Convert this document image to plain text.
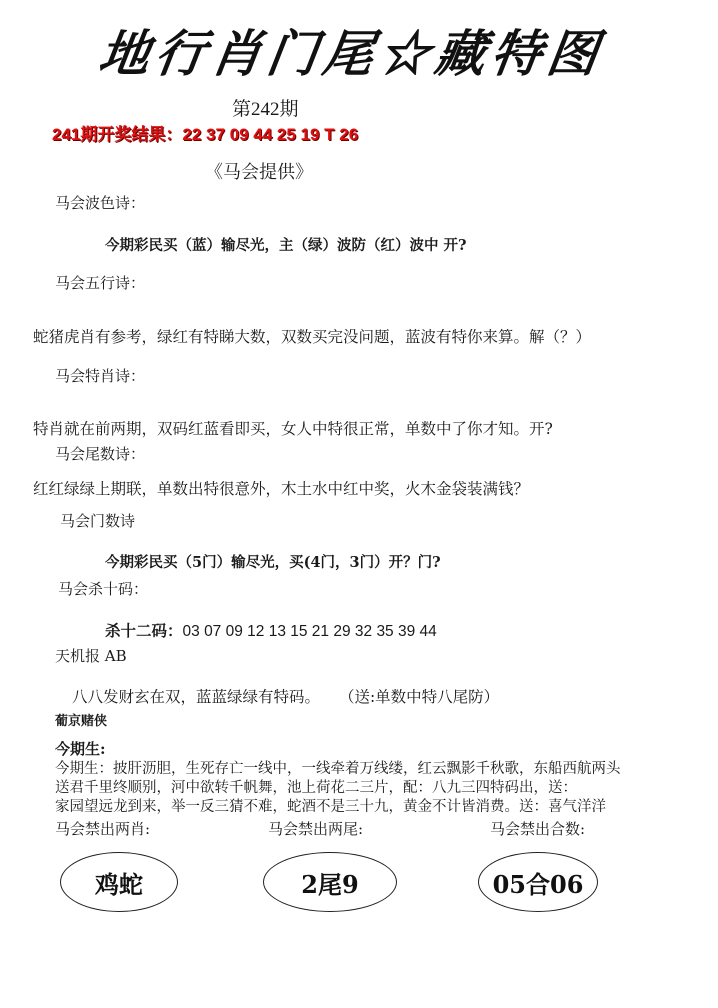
地行肖门尾☆藏特图
第242期
241期开奖结果：22 37 09 44 25 19 T 26
《马会提供》
马会波色诗：
今期彩民买（蓝）输尽光，主（绿）波防（红）波中 开?
马会五行诗：
蛇猪虎肖有参考，绿红有特睇大数，双数买完没问题，蓝波有特你来算。解（？）
马会特肖诗：
特肖就在前两期，双码红蓝看即买，女人中特很正常，单数中了你才知。开?
马会尾数诗：
红红绿绿上期联，单数出特很意外，木土水中红中奖，火木金袋装满钱？
马会门数诗
今期彩民买（5门）输尽光，买(4门，3门）开？门?
马会杀十码：
杀十二码：03 07 09 12 13 15 21 29 32 35 39 44
天机报 AB
八八发财玄在双，蓝蓝绿绿有特码。 （送:单数中特八尾防）
葡京赌侠
今期生:
今期生：披肝沥胆，生死存亡一线中，一线牵着万线缕，红云飘影千秋歌，东船西航两头
送君千里终顺别，河中欲转千帆舞，池上荷花二三片，配：八九三四特码出，送：
家园望远龙到来，举一反三猜不难，蛇酒不是三十九，黄金不计皆消费。送：喜气洋洋
马会禁出两肖:	马会禁出两尾:	马会禁出合数:
鸡蛇	2尾9	05合06
